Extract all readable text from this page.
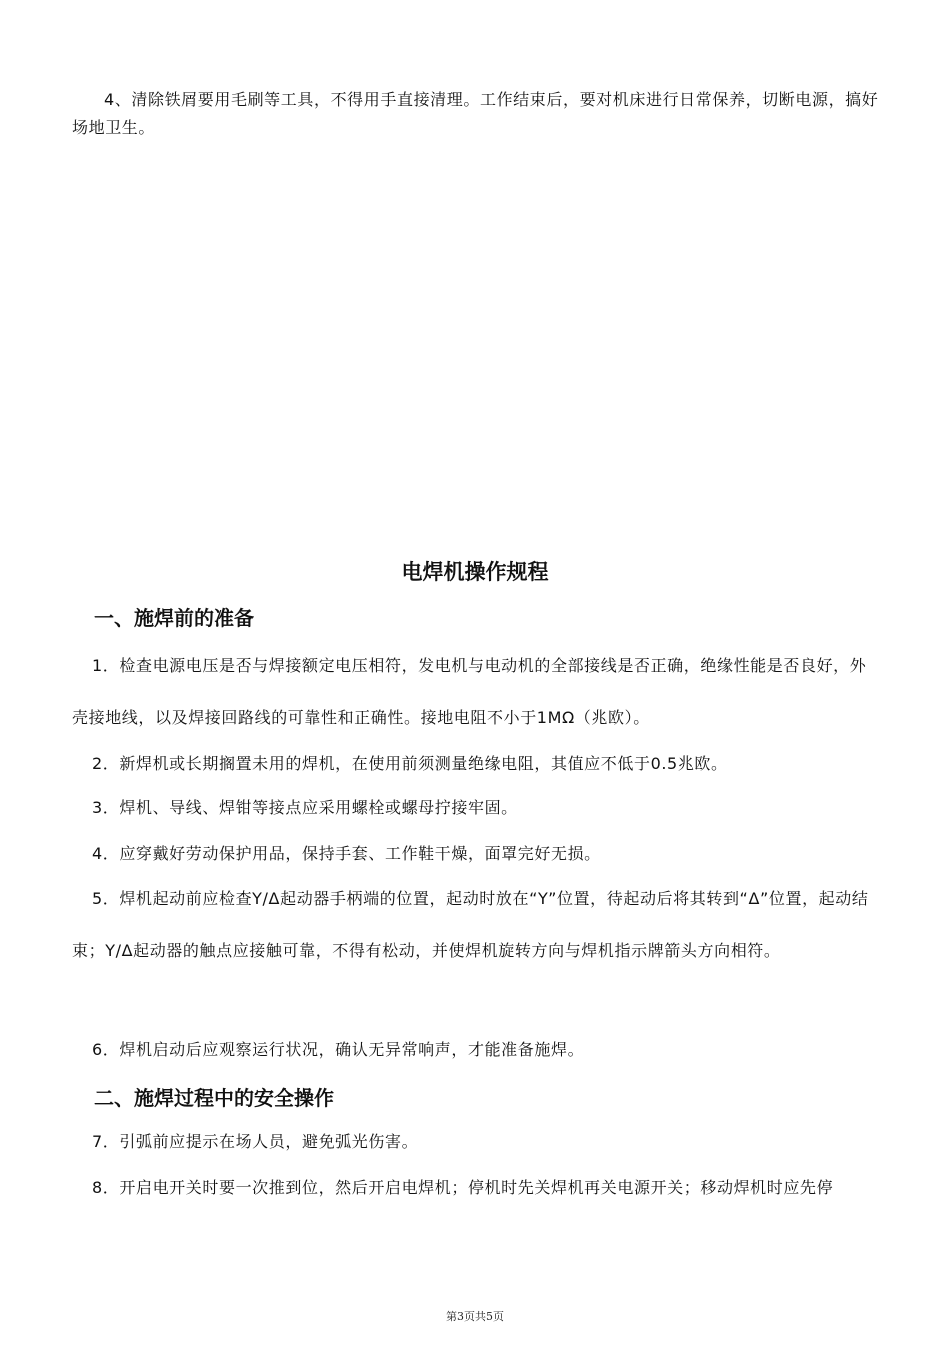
4、清除铁屑要用毛刷等工具，不得用手直接清理。工作结束后，要对机床进行日常保养，切断电源，搞好场地卫生。

电焊机操作规程
一、施焊前的准备

1．检查电源电压是否与焊接额定电压相符，发电机与电动机的全部接线是否正确，绝缘性能是否良好，外壳接地线，以及焊接回路线的可靠性和正确性。接地电阻不小于1MΩ（兆欧）。

2．新焊机或长期搁置未用的焊机，在使用前须测量绝缘电阻，其值应不低于0.5兆欧。

3．焊机、导线、焊钳等接点应采用螺栓或螺母拧接牢固。

4．应穿戴好劳动保护用品，保持手套、工作鞋干燥，面罩完好无损。

5．焊机起动前应检查Y/Δ起动器手柄端的位置，起动时放在“Y”位置，待起动后将其转到“Δ”位置，起动结束；Y/Δ起动器的触点应接触可靠，不得有松动，并使焊机旋转方向与焊机指示牌箭头方向相符。

6．焊机启动后应观察运行状况，确认无异常响声，才能准备施焊。

二、施焊过程中的安全操作

7．引弧前应提示在场人员，避免弧光伤害。

8．开启电开关时要一次推到位，然后开启电焊机；停机时先关焊机再关电源开关；移动焊机时应先停

第3页共5页
